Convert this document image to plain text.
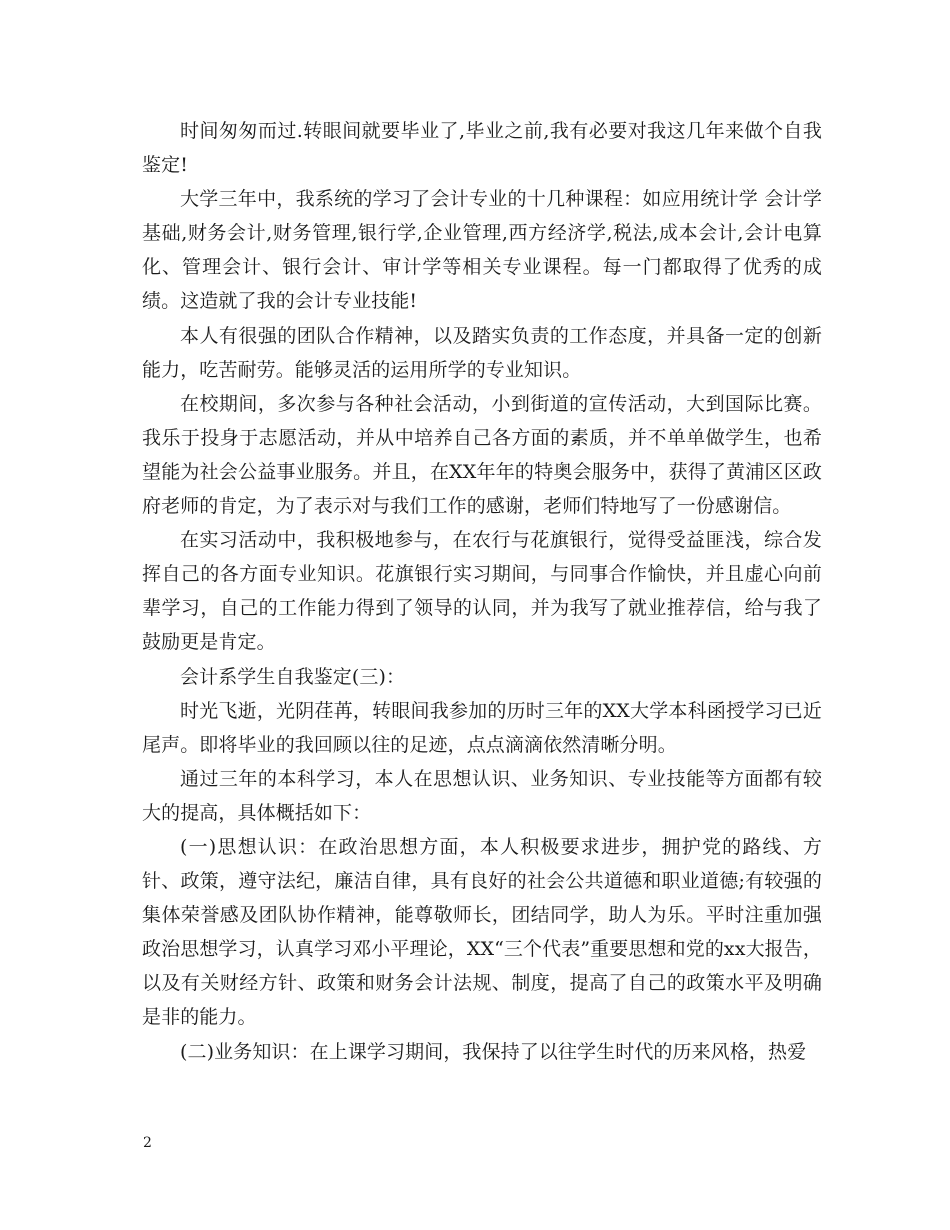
时间匆匆而过.转眼间就要毕业了,毕业之前,我有必要对我这几年来做个自我鉴定!

大学三年中，我系统的学习了会计专业的十几种课程：如应用统计学 会计学基础,财务会计,财务管理,银行学,企业管理,西方经济学,税法,成本会计,会计电算化、管理会计、银行会计、审计学等相关专业课程。每一门都取得了优秀的成绩。这造就了我的会计专业技能!

本人有很强的团队合作精神，以及踏实负责的工作态度，并具备一定的创新能力，吃苦耐劳。能够灵活的运用所学的专业知识。

在校期间，多次参与各种社会活动，小到街道的宣传活动，大到国际比赛。我乐于投身于志愿活动，并从中培养自己各方面的素质，并不单单做学生，也希望能为社会公益事业服务。并且，在XX年年的特奥会服务中，获得了黄浦区区政府老师的肯定，为了表示对与我们工作的感谢，老师们特地写了一份感谢信。

在实习活动中，我积极地参与，在农行与花旗银行，觉得受益匪浅，综合发挥自己的各方面专业知识。花旗银行实习期间，与同事合作愉快，并且虚心向前辈学习，自己的工作能力得到了领导的认同，并为我写了就业推荐信，给与我了鼓励更是肯定。

会计系学生自我鉴定(三)：

时光飞逝，光阴荏苒，转眼间我参加的历时三年的XX大学本科函授学习已近尾声。即将毕业的我回顾以往的足迹，点点滴滴依然清晰分明。

通过三年的本科学习，本人在思想认识、业务知识、专业技能等方面都有较大的提高，具体概括如下：

(一)思想认识：在政治思想方面，本人积极要求进步，拥护党的路线、方针、政策，遵守法纪，廉洁自律，具有良好的社会公共道德和职业道德;有较强的集体荣誉感及团队协作精神，能尊敬师长，团结同学，助人为乐。平时注重加强政治思想学习，认真学习邓小平理论，XX“三个代表”重要思想和党的xx大报告，以及有关财经方针、政策和财务会计法规、制度，提高了自己的政策水平及明确是非的能力。

(二)业务知识：在上课学习期间，我保持了以往学生时代的历来风格，热爱

2
